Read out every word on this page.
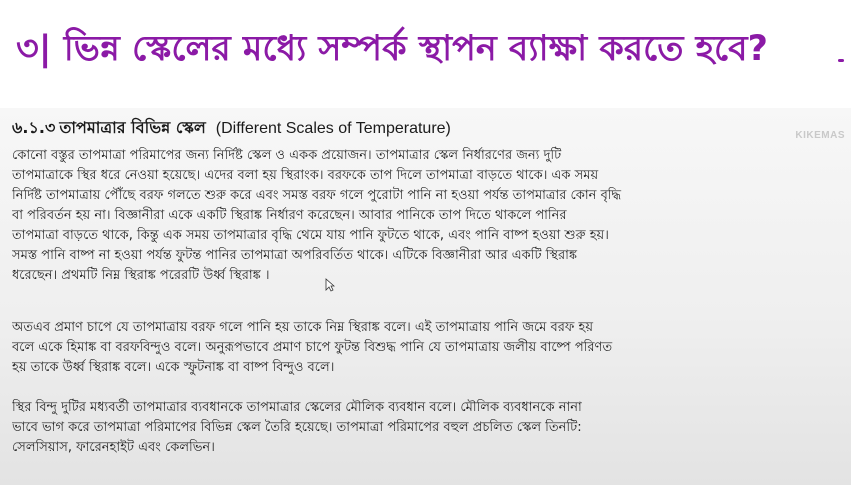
৩| ভিন্ন স্কেলের মধ্যে সম্পর্ক স্থাপন ব্যাক্ষা করতে হবে?
৬.১.৩ তাপমাত্রার বিভিন্ন স্কেল (Different Scales of Temperature)	KIKEMAS
কোনো বস্তুর তাপমাত্রা পরিমাপের জন্য নির্দিষ্ট স্কেল ও একক প্রয়োজন। তাপমাত্রার স্কেল নির্ধারণের জন্য দুটি
তাপমাত্রাকে স্থির ধরে নেওয়া হয়েছে। এদের বলা হয় স্থিরাংক। বরফকে তাপ দিলে তাপমাত্রা বাড়তে থাকে। এক সময়
নির্দিষ্ট তাপমাত্রায় পৌঁছে বরফ গলতে শুরু করে এবং সমস্ত বরফ গলে পুরোটা পানি না হওয়া পর্যন্ত তাপমাত্রার কোন বৃদ্ধি
বা পরিবর্তন হয় না। বিজ্ঞানীরা একে একটি স্থিরাঙ্ক নির্ধারণ করেছেন। আবার পানিকে তাপ দিতে থাকলে পানির
তাপমাত্রা বাড়তে থাকে, কিন্তু এক সময় তাপমাত্রার বৃদ্ধি থেমে যায় পানি ফুটতে থাকে, এবং পানি বাষ্প হওয়া শুরু হয়।
সমস্ত পানি বাষ্প না হওয়া পর্যন্ত ফুটন্ত পানির তাপমাত্রা অপরিবর্তিত থাকে। এটিকে বিজ্ঞানীরা আর একটি স্থিরাঙ্ক
ধরেছেন। প্রথমটি নিম্ন স্থিরাঙ্ক পরেরটি উর্ধ্ব স্থিরাঙ্ক ।
অতএব প্রমাণ চাপে যে তাপমাত্রায় বরফ গলে পানি হয় তাকে নিম্ন স্থিরাঙ্ক বলে। এই তাপমাত্রায় পানি জমে বরফ হয়
বলে একে হিমাঙ্ক বা বরফবিন্দুও বলে। অনুরূপভাবে প্রমাণ চাপে ফুটন্ত বিশুদ্ধ পানি যে তাপমাত্রায় জলীয় বাষ্পে পরিণত
হয় তাকে উর্ধ্ব স্থিরাঙ্ক বলে। একে স্ফুটনাঙ্ক বা বাষ্প বিন্দুও বলে।
স্থির বিন্দু দুটির মধ্যবর্তী তাপমাত্রার ব্যবধানকে তাপমাত্রার স্কেলের মৌলিক ব্যবধান বলে। মৌলিক ব্যবধানকে নানা
ভাবে ভাগ করে তাপমাত্রা পরিমাপের বিভিন্ন স্কেল তৈরি হয়েছে। তাপমাত্রা পরিমাপের বহুল প্রচলিত স্কেল তিনটি:
সেলসিয়াস, ফারেনহাইট এবং কেলভিন।
